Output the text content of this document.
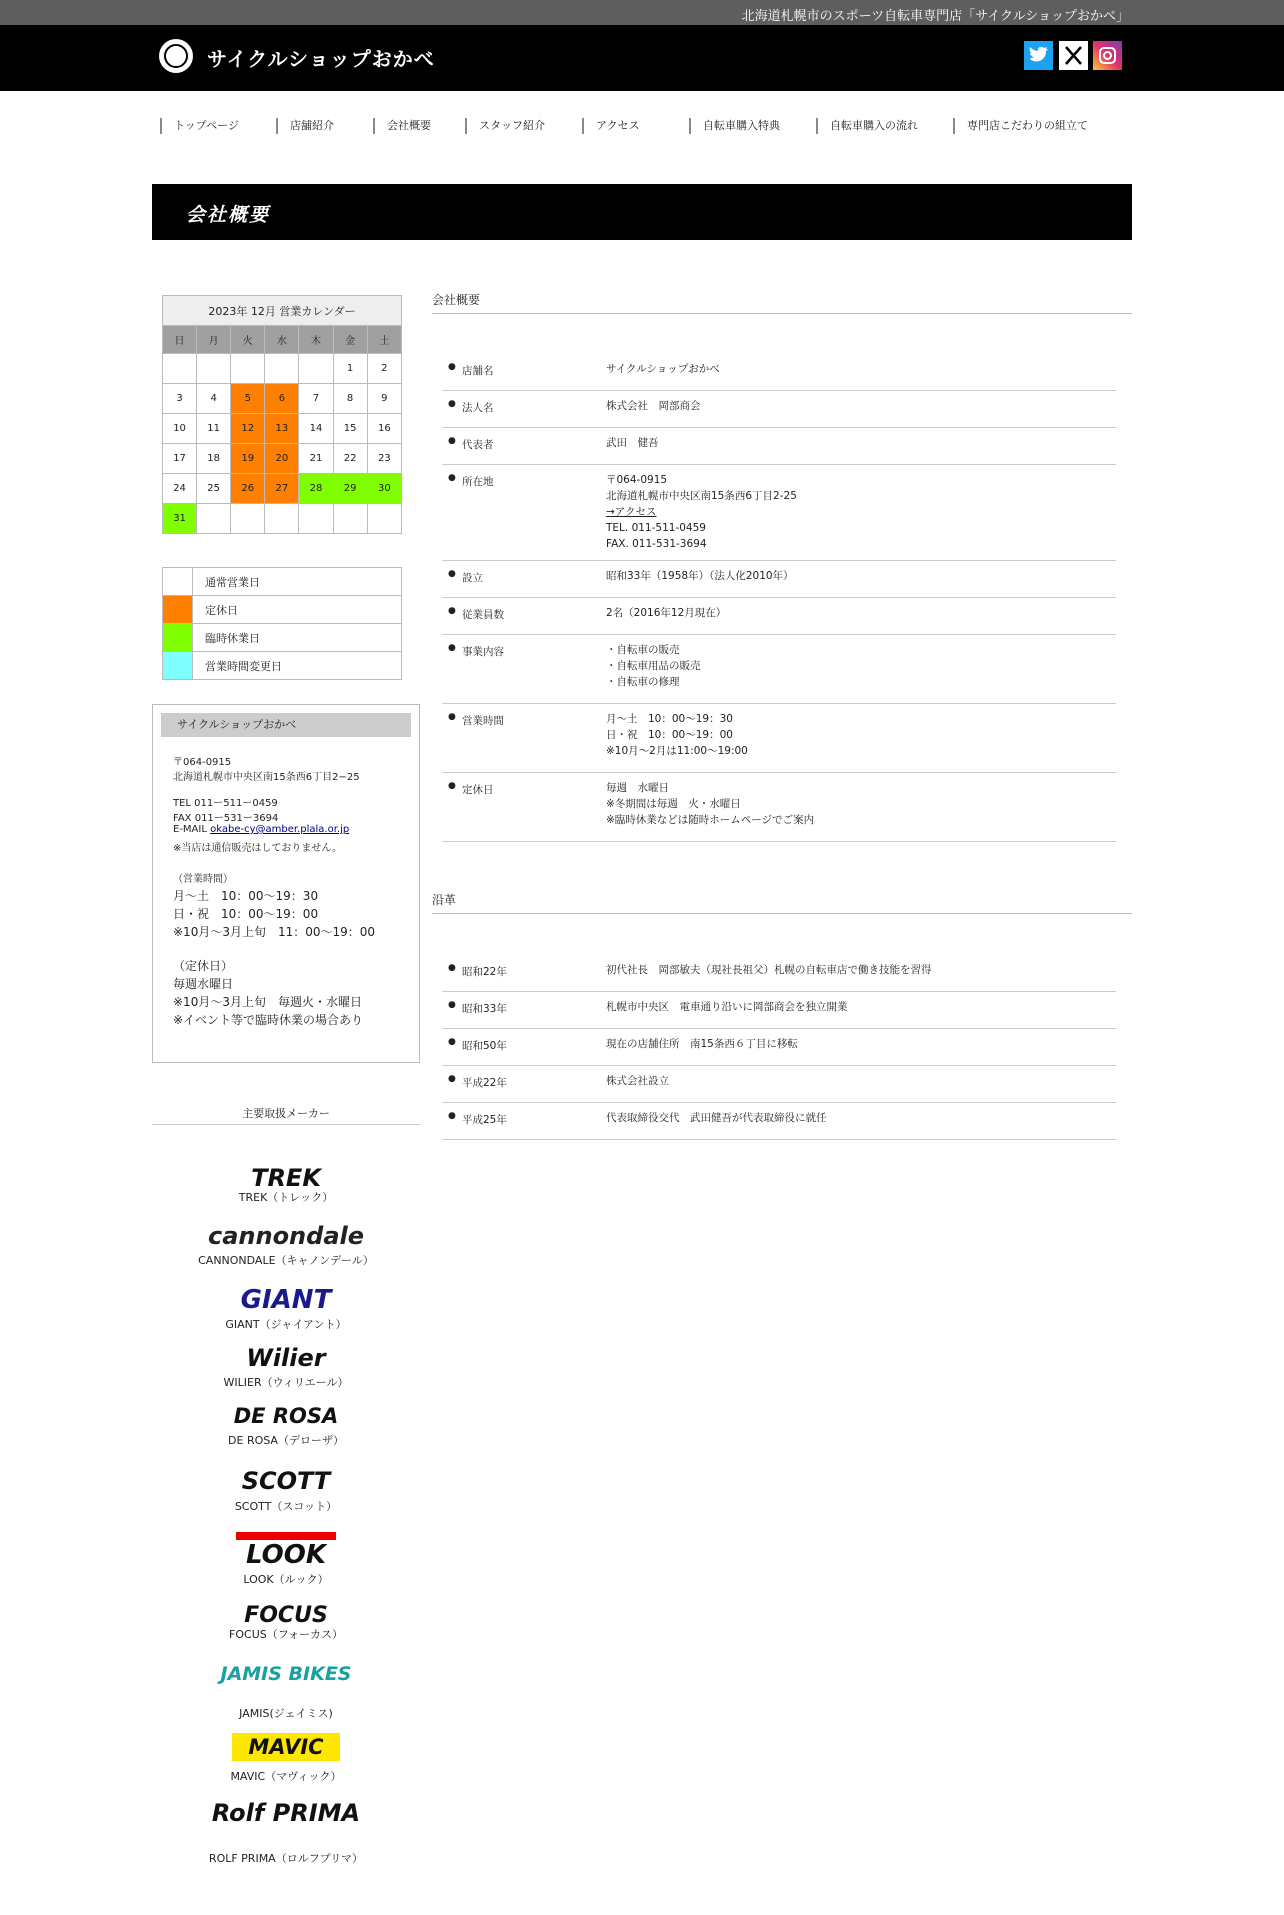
北海道札幌市のスポーツ自転車専門店「サイクルショップおかべ」
サイクルショップおかべ
トップページ	店舗紹介	会社概要	スタッフ紹介	アクセス	自転車購入特典	自転車購入の流れ	専門店こだわりの組立て
会社概要
2023年 12月 営業カレンダー						
日	月	火	水	木	金	土
					1	2
3	4	5	6	7	8	9
10	11	12	13	14	15	16
17	18	19	20	21	22	23
24	25	26	27	28	29	30
31						
	通常営業日
	定休日
	臨時休業日
	営業時間変更日
サイクルショップおかべ
〒064-0915
北海道札幌市中央区南15条西6丁目2−25
TEL 011ー511ー0459
FAX 011ー531ー3694
E-MAIL okabe-cy@amber.plala.or.jp
※当店は通信販売はしておりません。
（営業時間）
月〜土　10：00〜19：30
日・祝　10：00〜19：00
※10月〜3月上旬　11：00〜19：00
（定休日）
毎週水曜日
※10月〜3月上旬　毎週火・水曜日
※イベント等で臨時休業の場合あり
主要取扱メーカー
TREK
TREK（トレック）
cannondale
CANNONDALE（キャノンデール）
GIANT
GIANT（ジャイアント）
Wilier
WILIER（ウィリエール）
DE ROSA
DE ROSA（デローザ）
SCOTT
SCOTT（スコット）
LOOK
LOOK（ルック）
FOCUS
FOCUS（フォーカス）
JAMIS BIKES
JAMIS(ジェイミス)
MAVIC
MAVIC（マヴィック）
Rolf PRIMA
ROLF PRIMA（ロルフプリマ）
会社概要
● 店舗名	サイクルショップおかべ
● 法人名	株式会社　岡部商会
● 代表者	武田　健吾
● 所在地	〒064-0915
北海道札幌市中央区南15条西6丁目2-25
→アクセス
TEL. 011-511-0459
FAX. 011-531-3694
● 設立	昭和33年（1958年）（法人化2010年）
● 従業員数	2名（2016年12月現在）
● 事業内容	・自転車の販売
・自転車用品の販売
・自転車の修理
● 営業時間	月〜土　10：00〜19：30
日・祝　10：00〜19：00
※10月〜2月は11:00〜19:00
● 定休日	毎週　水曜日
※冬期間は毎週　火・水曜日
※臨時休業などは随時ホームページでご案内
沿革
● 昭和22年	初代社長　岡部敏夫（現社長祖父）札幌の自転車店で働き技能を習得
● 昭和33年	札幌市中央区　電車通り沿いに岡部商会を独立開業
● 昭和50年	現在の店舗住所　南15条西６丁目に移転
● 平成22年	株式会社設立
● 平成25年	代表取締役交代　武田健吾が代表取締役に就任
